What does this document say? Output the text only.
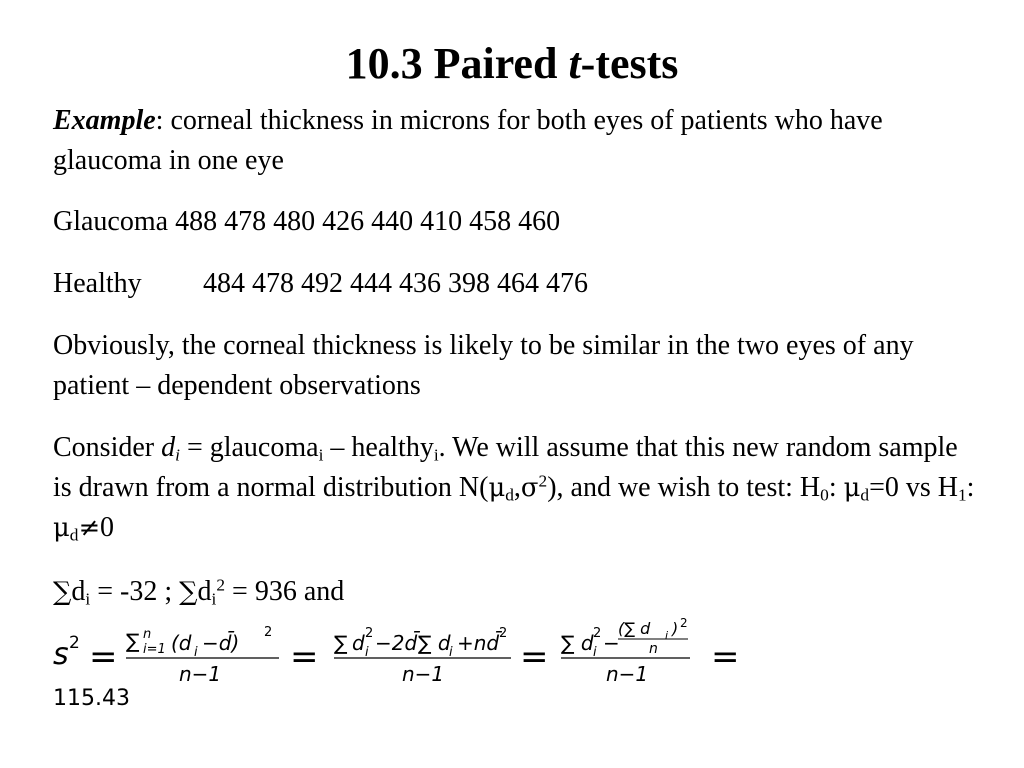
10.3 Paired t-tests

Example: corneal thickness in microns for both eyes of patients who have glaucoma in one eye

Glaucoma 488 478 480 426 440 410 458 460

Healthy 484 478 492 444 436 398 464 476

Obviously, the corneal thickness is likely to be similar in the two eyes of any patient – dependent observations

Consider $d_i$ = glaucoma$_i$ – healthy$_i$. We will assume that this new random sample is drawn from a normal distribution $N(\mu_d,\sigma^2)$, and we wish to test: $H_0$: $\mu_d=0$ vs $H_1$: $\mu_d\ne 0$

$\sum d_i = -32$ ; $\sum d_i^2 = 936$ and

s 2 = ∑ n
i=1 (d i −d̄) 2
n−1 = ∑ d 2
i −2d̄ ∑ d
i +nd̄ 2
n−1 = ∑ d 2
i −
(∑ d i ) 2
n
n−1 =
115.43
